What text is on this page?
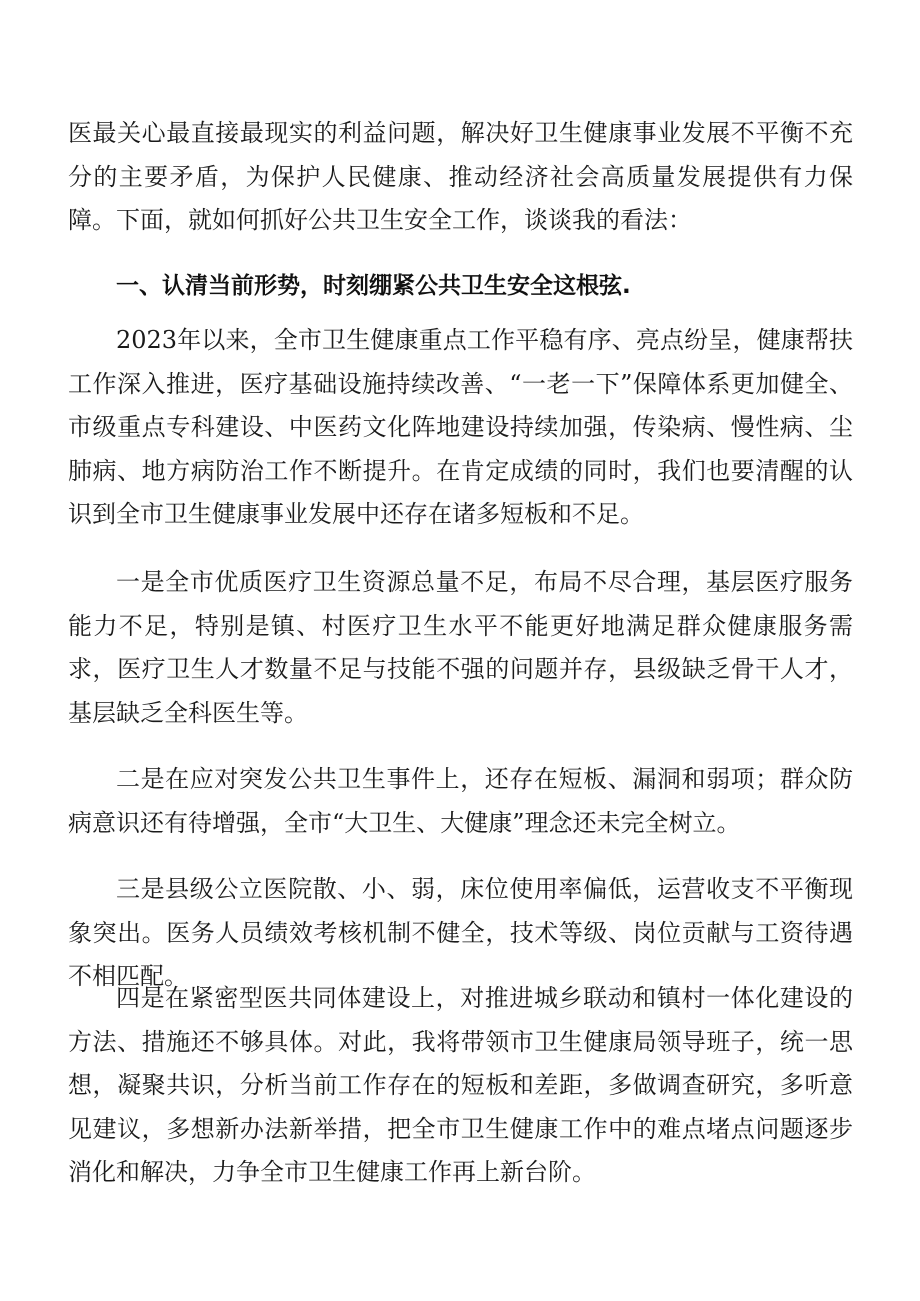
医最关心最直接最现实的利益问题，解决好卫生健康事业发展不平衡不充分的主要矛盾，为保护人民健康、推动经济社会高质量发展提供有力保障。下面，就如何抓好公共卫生安全工作，谈谈我的看法：

一、认清当前形势，时刻绷紧公共卫生安全这根弦.

2023年以来，全市卫生健康重点工作平稳有序、亮点纷呈，健康帮扶工作深入推进，医疗基础设施持续改善、“一老一下”保障体系更加健全、市级重点专科建设、中医药文化阵地建设持续加强，传染病、慢性病、尘肺病、地方病防治工作不断提升。在肯定成绩的同时，我们也要清醒的认识到全市卫生健康事业发展中还存在诸多短板和不足。

一是全市优质医疗卫生资源总量不足，布局不尽合理，基层医疗服务能力不足，特别是镇、村医疗卫生水平不能更好地满足群众健康服务需求，医疗卫生人才数量不足与技能不强的问题并存，县级缺乏骨干人才，基层缺乏全科医生等。

二是在应对突发公共卫生事件上，还存在短板、漏洞和弱项；群众防病意识还有待增强，全市“大卫生、大健康”理念还未完全树立。

三是县级公立医院散、小、弱，床位使用率偏低，运营收支不平衡现象突出。医务人员绩效考核机制不健全，技术等级、岗位贡献与工资待遇不相匹配。

四是在紧密型医共同体建设上，对推进城乡联动和镇村一体化建设的方法、措施还不够具体。对此，我将带领市卫生健康局领导班子，统一思想，凝聚共识，分析当前工作存在的短板和差距，多做调查研究，多听意见建议，多想新办法新举措，把全市卫生健康工作中的难点堵点问题逐步消化和解决，力争全市卫生健康工作再上新台阶。
